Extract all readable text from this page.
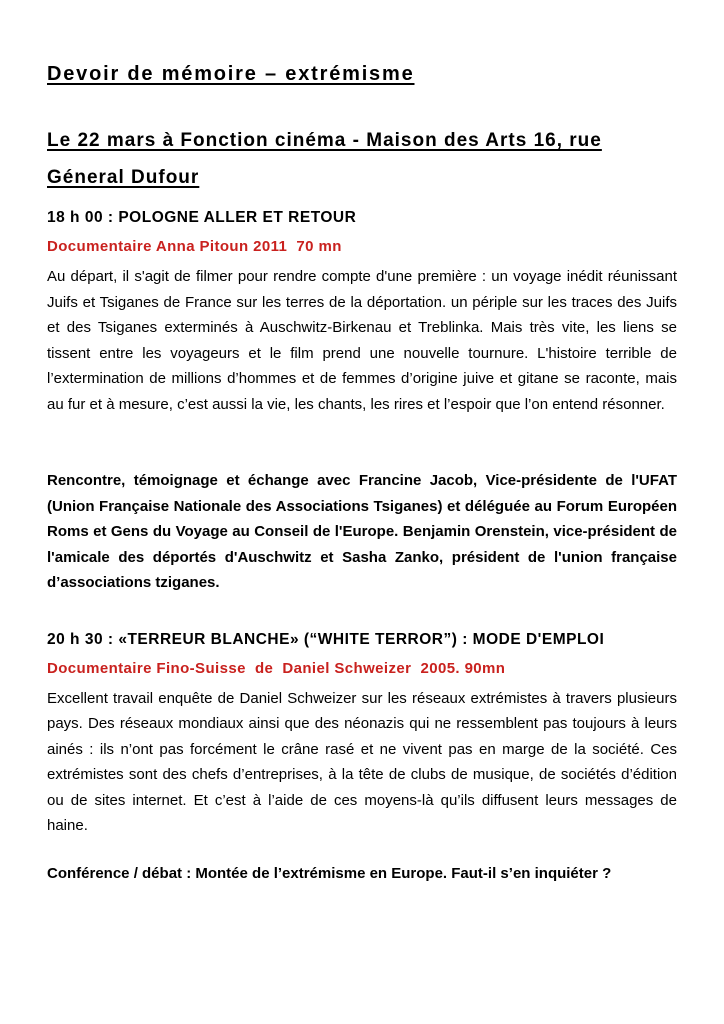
Devoir de mémoire – extrémisme
Le 22 mars à Fonction cinéma - Maison des Arts 16, rue
Géneral Dufour
18 h 00 : POLOGNE ALLER ET RETOUR

Documentaire Anna Pitoun 2011  70 mn

Au départ, il s'agit de filmer pour rendre compte d'une première : un voyage inédit réunissant Juifs et Tsiganes de France sur les terres de la déportation. un périple sur les traces des Juifs et des Tsiganes exterminés à Auschwitz-Birkenau et Treblinka. Mais très vite, les liens se tissent entre les voyageurs et le film prend une nouvelle tournure. L'histoire terrible de l’extermination de millions d’hommes et de femmes d’origine juive et gitane se raconte, mais au fur et à mesure, c’est aussi la vie, les chants, les rires et l’espoir que l’on entend résonner.

Rencontre, témoignage et échange avec Francine Jacob, Vice-présidente de l'UFAT (Union Française Nationale des Associations Tsiganes) et déléguée au Forum Européen Roms et Gens du Voyage au Conseil de l'Europe. Benjamin Orenstein, vice-président de l'amicale des déportés d'Auschwitz et Sasha Zanko, président de l'union française d’associations tziganes.

20 h 30 : «TERREUR BLANCHE» (“WHITE TERROR”) : MODE D'EMPLOI

Documentaire Fino-Suisse  de  Daniel Schweizer  2005. 90mn

Excellent travail enquête de Daniel Schweizer sur les réseaux extrémistes à travers plusieurs pays. Des réseaux mondiaux ainsi que des néonazis qui ne ressemblent pas toujours à leurs ainés : ils n’ont pas forcément le crâne rasé et ne vivent pas en marge de la société. Ces extrémistes sont des chefs d’entreprises, à la tête de clubs de musique, de sociétés d’édition ou de sites internet. Et c’est à l’aide de ces moyens-là qu’ils diffusent leurs messages de haine.

Conférence / débat : Montée de l’extrémisme en Europe. Faut-il s’en inquiéter ?
